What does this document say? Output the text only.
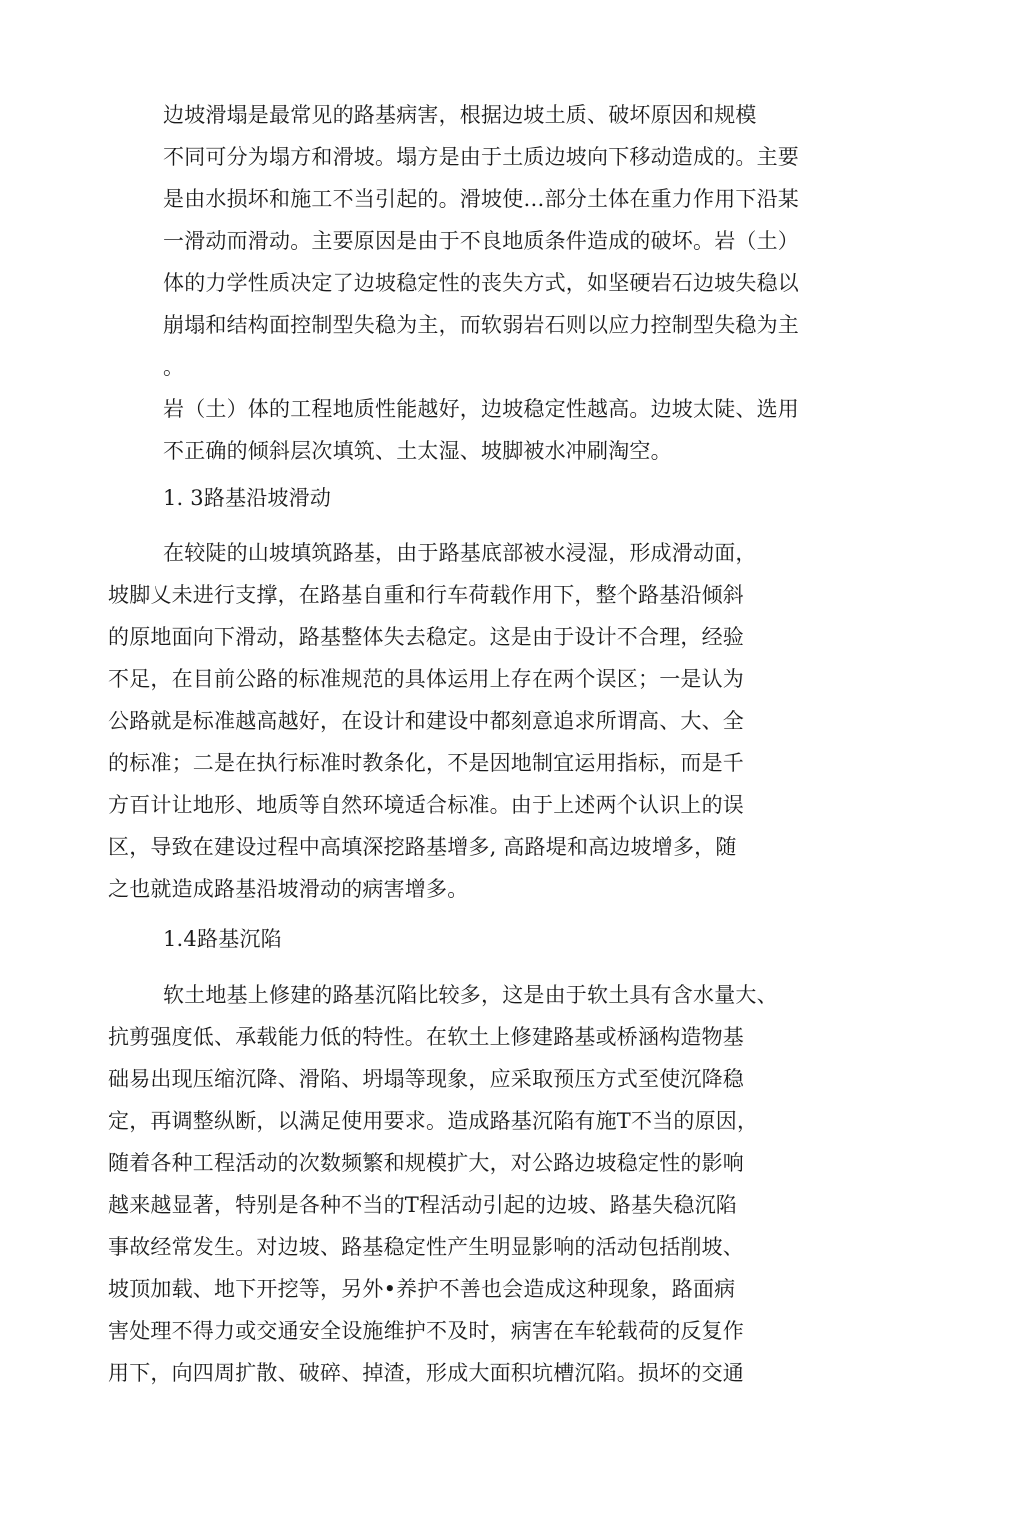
边坡滑塌是最常见的路基病害，根据边坡土质、破坏原因和规模
不同可分为塌方和滑坡。塌方是由于土质边坡向下移动造成的。主要
是由水损坏和施工不当引起的。滑坡使…部分土体在重力作用下沿某
一滑动而滑动。主要原因是由于不良地质条件造成的破坏。岩（土）
体的力学性质决定了边坡稳定性的丧失方式，如坚硬岩石边坡失稳以
崩塌和结构面控制型失稳为主，而软弱岩石则以应力控制型失稳为主
。
岩（土）体的工程地质性能越好，边坡稳定性越高。边坡太陡、选用
不正确的倾斜层次填筑、土太湿、坡脚被水冲刷淘空。
1. 3路基沿坡滑动
在较陡的山坡填筑路基，由于路基底部被水浸湿，形成滑动面，
坡脚乂未进行支撑，在路基自重和行车荷载作用下，整个路基沿倾斜
的原地面向下滑动，路基整体失去稳定。这是由于设计不合理，经验
不足，在目前公路的标准规范的具体运用上存在两个误区；一是认为
公路就是标准越高越好，在设计和建设中都刻意追求所谓高、大、全
的标准；二是在执行标准时教条化，不是因地制宜运用指标，而是千
方百计让地形、地质等自然环境适合标准。由于上述两个认识上的误
区，导致在建设过程中高填深挖路基增多, 高路堤和高边坡增多，随
之也就造成路基沿坡滑动的病害增多。
1.4路基沉陷
软土地基上修建的路基沉陷比较多，这是由于软土具有含水量大、
抗剪强度低、承载能力低的特性。在软土上修建路基或桥涵构造物基
础易出现压缩沉降、滑陷、坍塌等现象，应采取预压方式至使沉降稳
定，再调整纵断，以满足使用要求。造成路基沉陷有施T不当的原因，
随着各种工程活动的次数频繁和规模扩大，对公路边坡稳定性的影响
越来越显著，特别是各种不当的T程活动引起的边坡、路基失稳沉陷
事故经常发生。对边坡、路基稳定性产生明显影响的活动包括削坡、
坡顶加载、地下开挖等，另外•养护不善也会造成这种现象，路面病
害处理不得力或交通安全设施维护不及时，病害在车轮载荷的反复作
用下，向四周扩散、破碎、掉渣，形成大面积坑槽沉陷。损坏的交通
